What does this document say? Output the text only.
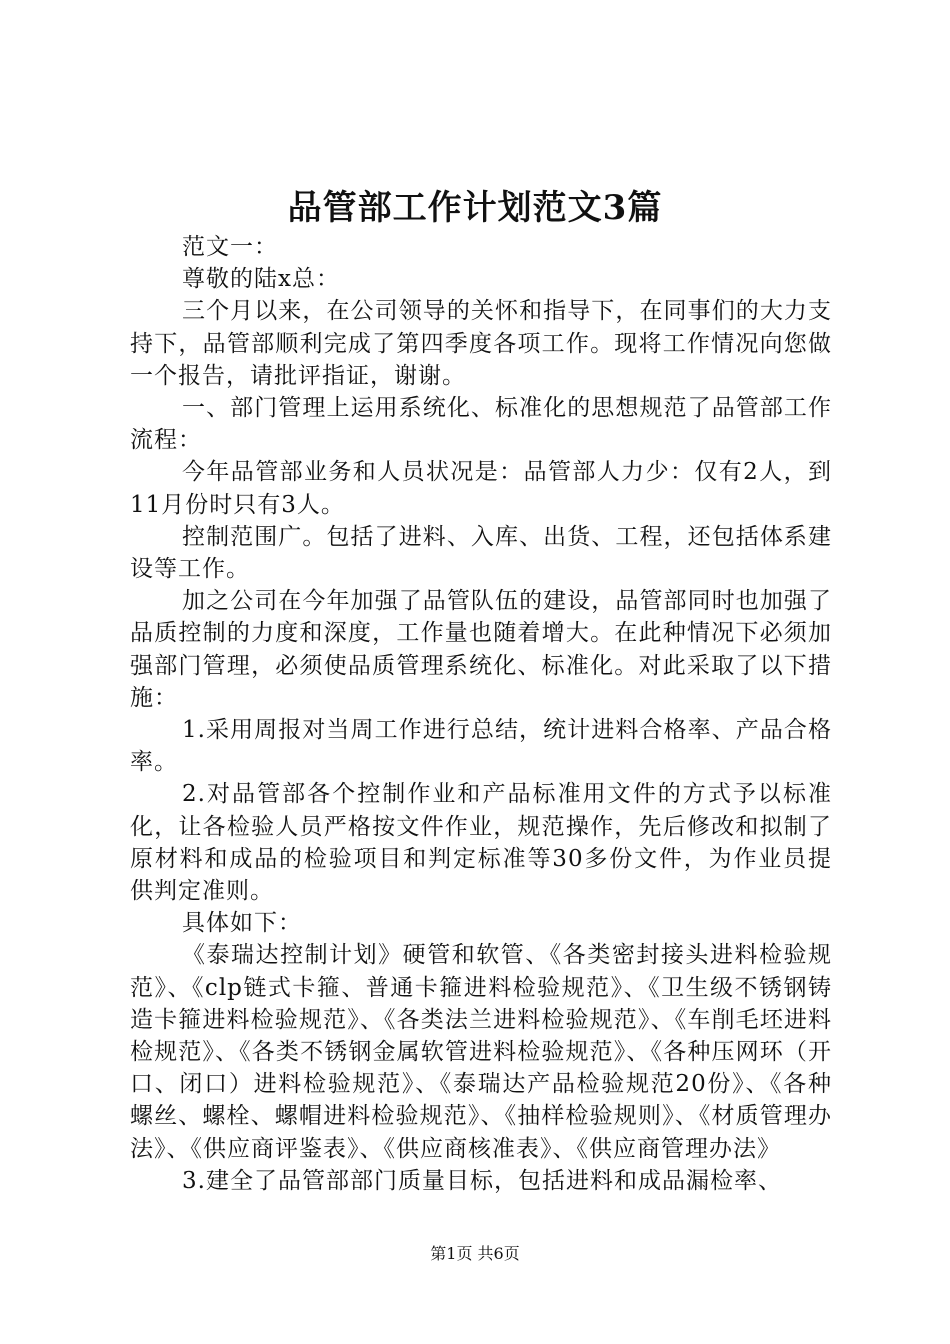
品管部工作计划范文3篇

范文一：

尊敬的陆x总：

三个月以来，在公司领导的关怀和指导下，在同事们的大力支持下，品管部顺利完成了第四季度各项工作。现将工作情况向您做一个报告，请批评指证，谢谢。

一、部门管理上运用系统化、标准化的思想规范了品管部工作流程：

今年品管部业务和人员状况是：品管部人力少：仅有2人，到11月份时只有3人。

控制范围广。包括了进料、入库、出货、工程，还包括体系建设等工作。

加之公司在今年加强了品管队伍的建设，品管部同时也加强了品质控制的力度和深度，工作量也随着增大。在此种情况下必须加强部门管理，必须使品质管理系统化、标准化。对此采取了以下措施：

1.采用周报对当周工作进行总结，统计进料合格率、产品合格率。

2.对品管部各个控制作业和产品标准用文件的方式予以标准化，让各检验人员严格按文件作业，规范操作，先后修改和拟制了原材料和成品的检验项目和判定标准等30多份文件，为作业员提供判定准则。

具体如下：

《泰瑞达控制计划》硬管和软管、《各类密封接头进料检验规范》、《clp链式卡箍、普通卡箍进料检验规范》、《卫生级不锈钢铸造卡箍进料检验规范》、《各类法兰进料检验规范》、《车削毛坯进料检规范》、《各类不锈钢金属软管进料检验规范》、《各种压网环（开口、闭口）进料检验规范》、《泰瑞达产品检验规范20份》、《各种螺丝、螺栓、螺帽进料检验规范》、《抽样检验规则》、《材质管理办法》、《供应商评鉴表》、《供应商核准表》、《供应商管理办法》

3.建全了品管部部门质量目标，包括进料和成品漏检率、

第1页 共6页
